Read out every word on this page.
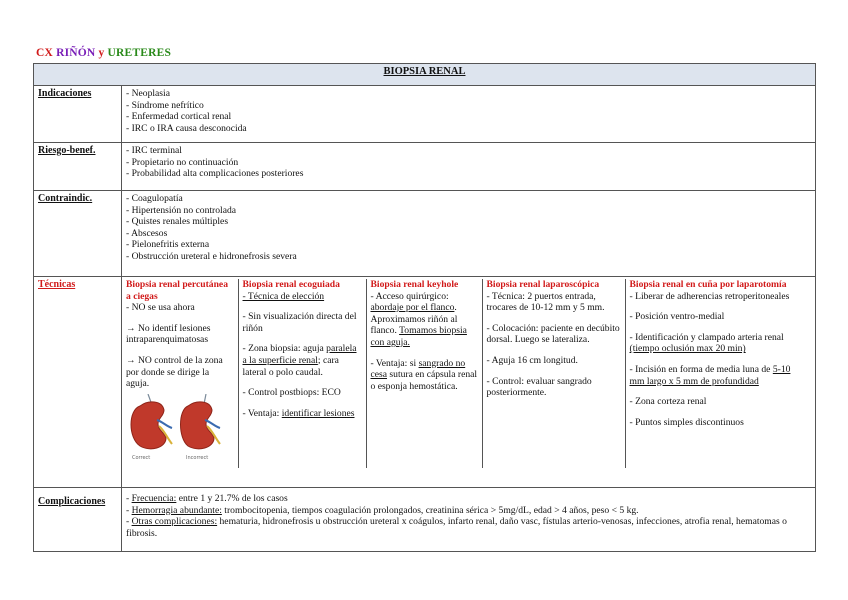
CX RIÑÓN y URETERES
BIOPSIA RENAL
Indicaciones	- Neoplasia
- Síndrome nefrítico
- Enfermedad cortical renal
- IRC o IRA causa desconocida

Riesgo-benef.	- IRC terminal
- Propietario no continuación
- Probabilidad alta complicaciones posteriores

Contraindic.	- Coagulopatía
- Hipertensión no controlada
- Quistes renales múltiples
- Abscesos
- Pielonefritis externa
- Obstrucción ureteral e hidronefrosis severa

Técnicas		Biopsia renal percutánea a ciegas
- NO se usa ahora
→ No identif lesiones intraparenquimatosas
→ NO control de la zona por donde se dirige la aguja.
Correct	Incorrect

Biopsia renal ecoguiada
- Técnica de elección
- Sin visualización directa del riñón
- Zona biopsia: aguja paralela a la superficie renal; cara lateral o polo caudal.
- Control postbiops: ECO
- Ventaja: identificar lesiones

Biopsia renal keyhole
- Acceso quirúrgico: abordaje por el flanco. Aproximamos riñón al flanco. Tomamos biopsia con aguja.
- Ventaja: si sangrado no cesa sutura en cápsula renal o esponja hemostática.

Biopsia renal laparoscópica
- Técnica: 2 puertos entrada, trocares de 10-12 mm y 5 mm.
- Colocación: paciente en decúbito dorsal. Luego se lateraliza.
- Aguja 16 cm longitud.
- Control: evaluar sangrado posteriormente.

Biopsia renal en cuña por laparotomía
- Liberar de adherencias retroperitoneales
- Posición ventro-medial
- Identificación y clampado arteria renal (tiempo oclusión max 20 min)
- Incisión en forma de media luna de 5-10 mm largo x 5 mm de profundidad
- Zona corteza renal
- Puntos simples discontinuos

Complicaciones	- Frecuencia: entre 1 y 21.7% de los casos
- Hemorragia abundante: trombocitopenia, tiempos coagulación prolongados, creatinina sérica > 5mg/dL, edad > 4 años, peso < 5 kg.
- Otras complicaciones: hematuria, hidronefrosis u obstrucción ureteral x coágulos, infarto renal, daño vasc, fístulas arterio-venosas, infecciones, atrofia renal, hematomas o fibrosis.
